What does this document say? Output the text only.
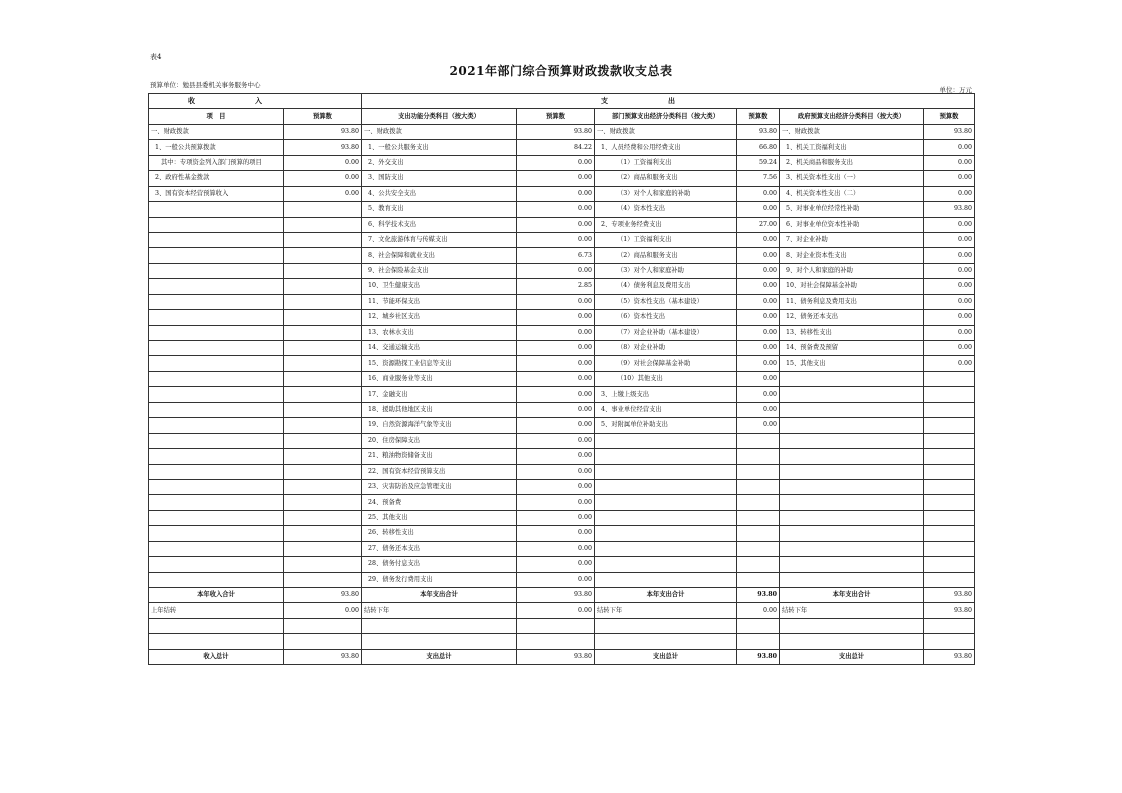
表4
2021年部门综合预算财政拨款收支总表
预算单位：勉县县委机关事务服务中心
单位：万元
收入		支出					
项　目	预算数	支出功能分类科目（按大类）	预算数	部门预算支出经济分类科目（按大类）	预算数	政府预算支出经济分类科目（按大类）	预算数
一、财政拨款	93.80	一、财政拨款	93.80	一、财政拨款	93.80	一、财政拨款	93.80
1、一般公共预算拨款	93.80	1、一般公共服务支出	84.22	1、人员经费和公用经费支出	66.80	1、机关工资福利支出	0.00
其中：专项资金列入部门预算的项目	0.00	2、外交支出	0.00	（1）工资福利支出	59.24	2、机关商品和服务支出	0.00
2、政府性基金拨款	0.00	3、国防支出	0.00	（2）商品和服务支出	7.56	3、机关资本性支出（一）	0.00
3、国有资本经营预算收入	0.00	4、公共安全支出	0.00	（3）对个人和家庭的补助	0.00	4、机关资本性支出（二）	0.00
		5、教育支出	0.00	（4）资本性支出	0.00	5、对事业单位经常性补助	93.80
		6、科学技术支出	0.00	2、专项业务经费支出	27.00	6、对事业单位资本性补助	0.00
		7、文化旅游体育与传媒支出	0.00	（1）工资福利支出	0.00	7、对企业补助	0.00
		8、社会保障和就业支出	6.73	（2）商品和服务支出	0.00	8、对企业资本性支出	0.00
		9、社会保险基金支出	0.00	（3）对个人和家庭补助	0.00	9、对个人和家庭的补助	0.00
		10、卫生健康支出	2.85	（4）债务利息及费用支出	0.00	10、对社会保障基金补助	0.00
		11、节能环保支出	0.00	（5）资本性支出（基本建设）	0.00	11、债务利息及费用支出	0.00
		12、城乡社区支出	0.00	（6）资本性支出	0.00	12、债务还本支出	0.00
		13、农林水支出	0.00	（7）对企业补助（基本建设）	0.00	13、转移性支出	0.00
		14、交通运输支出	0.00	（8）对企业补助	0.00	14、预备费及预留	0.00
		15、资源勘探工业信息等支出	0.00	（9）对社会保障基金补助	0.00	15、其他支出	0.00
		16、商业服务业等支出	0.00	（10）其他支出	0.00		
		17、金融支出	0.00	3、上缴上级支出	0.00		
		18、援助其他地区支出	0.00	4、事业单位经营支出	0.00		
		19、自然资源海洋气象等支出	0.00	5、对附属单位补助支出	0.00		
		20、住房保障支出	0.00				
		21、粮油物资储备支出	0.00				
		22、国有资本经营预算支出	0.00				
		23、灾害防治及应急管理支出	0.00				
		24、预备费	0.00				
		25、其他支出	0.00				
		26、转移性支出	0.00				
		27、债务还本支出	0.00				
		28、债务付息支出	0.00				
		29、债务发行费用支出	0.00				
本年收入合计	93.80	本年支出合计	93.80	本年支出合计	93.80	本年支出合计	93.80
上年结转	0.00	结转下年	0.00	结转下年	0.00	结转下年	93.80

收入总计	93.80	支出总计	93.80	支出总计	93.80	支出总计	93.80
